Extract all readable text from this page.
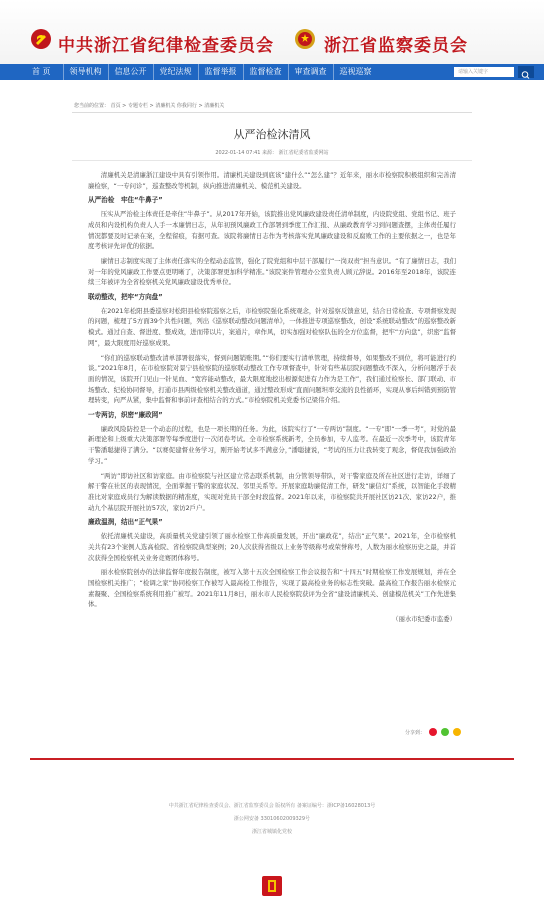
中共浙江省纪律检查委员会	浙江省监察委员会
首 页	领导机构	信息公开	党纪法规	监督举报	监督检查	审查调查	巡视巡察	请输入关键字
您当前的位置： 首页 > 专题专栏 > 清廉机关 你我同行 > 清廉机关
从严治检沐清风
2022-01-14 07:41 来源： 浙江省纪委省监委网站

清廉机关是清廉浙江建设中具有引领作用。清廉机关建设到底该“建什么”“怎么建”？近年来，丽水市检察院积极组织和完善清廉检察，“一专问诊”，巡查整改等机制，纵向推进清廉机关、模范机关建设。

从严治检　牢住“牛鼻子”

压实从严治检主体责任是牵住“牛鼻子”。从2017年开始，该院推出党风廉政建设责任清单制度，内设院党组、党组书记、班子成员和内设机构负责人人手一本廉情日志，从年初预风廉政工作部署到季度工作汇报、从廉政教育学习到问题查摆，主体责任履行情况都要及时记录在案，全程留痕，有据可查。该院将廉情日志作为考核落实党风廉政建设和反腐败工作的主要依据之一，也是年度考核评先评优的依据。

廉情日志制度实现了主体责任落实的全程动态监管，强化了院党组和中层干部履行“一岗双责”担当意识。“有了廉情日志，我们对一年的党风廉政工作要点更明晰了，决策部署更加科学精准。”该院案件管理办公室负责人顾元辞说。2016年至2018年，该院连续三年被评为全省检察机关党风廉政建设优秀单位。

联动整改，把牢“方向盘”

在2021年松阳县委巡察对松阳县检察院巡察之后，市检察院强化系统观念，针对巡察反馈意见，结合日常检查、专项督察发现的问题，梳理了5方面39个共性问题，列出《巡察联动整改问题清单》，一体推进专项巡察整改，创设“系统联动整改”的巡察整改新模式。通过自查、督进度、整成效，进而带以片，案通片，章作风，切实加强对检察队伍的全方位监督，把牢“方向盘”，织密“监督网”，最大限度用好巡察成果。

“你们的巡察联动整改清单部署很落实，督到问题销账期。”“你们要实行清单管理，持续督导，如果整改不到位，将可能进行约谈。”2021年8月，在市检察院对景宁县检察院的巡察联动整改工作专项督查中，针对有些基层院问题整改不深入，分析问题浮于表面的情况，该院开门见山一针见血、“宽容能动整改，最大限度地挖出根源促进有力作为是工作”，我们通过检察长、部门联动、市场整改、纪检协同督导，打通市县两级检察机关整改通道，通过整改形成“直面问题坦率交流的良性循环，实现从事后纠错到预防管理转变，向严从紧，集中监督和事前评查相结合的方式。”市检察院机关党委书记梁伟介绍。

一专两访，织密“廉政网”

廉政风险防控是一个动态的过程，也是一项长期的任务。为此，该院实行了“一专两访”制度。“一专”即“一季一考”，对党的最新理论和上级重大决策部署等每季度进行一次闭卷考试。全市检察系统新考，全员参加，专人监考。在最近一次季考中，该院青年干警潘聪捷得了满分。“以赛促建督业务学习，刚开始考试多不满意分，”潘聪捷说，“考试的压力让我转变了观念，督促我加强政治学习。”

“两访”即访社区和访家庭。由市检察院与社区建立常态联系机制，由分管领导带队，对干警家庭及所在社区进行走访，详细了解干警在社区的表现情况，全面掌握干警的家庭状况、邻里关系等。开展家庭助廉促清工作，研发“廉信灯”系统，以智能化手段精准比对家庭成员行为解读数据的精准度，实现对党员干部全时段监督。2021年以来，市检察院共开展社区访21次、家访22户，推动九个基层院开展社访57次，家访2戶户。

廉政温润，结出“正气果”

依托清廉机关建设，高质量机关党建引领了丽水检察工作高质量发展，开出“廉政花”，结出“正气果”。2021年，全市检察机关共有23个案例人选高检院、省检察院典型案例；20人次获得省级以上业务等级称号或荣誉称号，人数为丽水检察历史之最，并首次获得全国检察机关业务竞赛团体称号。

丽水检察院创办的法律监督年度报告制度，被写入第十五次全国检察工作会议报告和“十四五”时期检察工作发展规划，并在全国检察机关推广；“检调之家”协同检察工作被写入最高检工作报告，实现了最高检业务的标志性突破。最高检工作报告丽水检察元素凝聚、全国检察系统利用推广被写。2021年11月8日，丽水市人民检察院获评为全省“建设清廉机关、创建模范机关”工作先进集体。

（丽水市纪委市监委）

分享到：
中共浙江省纪律检查委员会、浙江省监察委员会 版权所有 备案证编号：浙ICP备16028013号
浙公网安备 33010602009329号
浙江省城镇化党校
